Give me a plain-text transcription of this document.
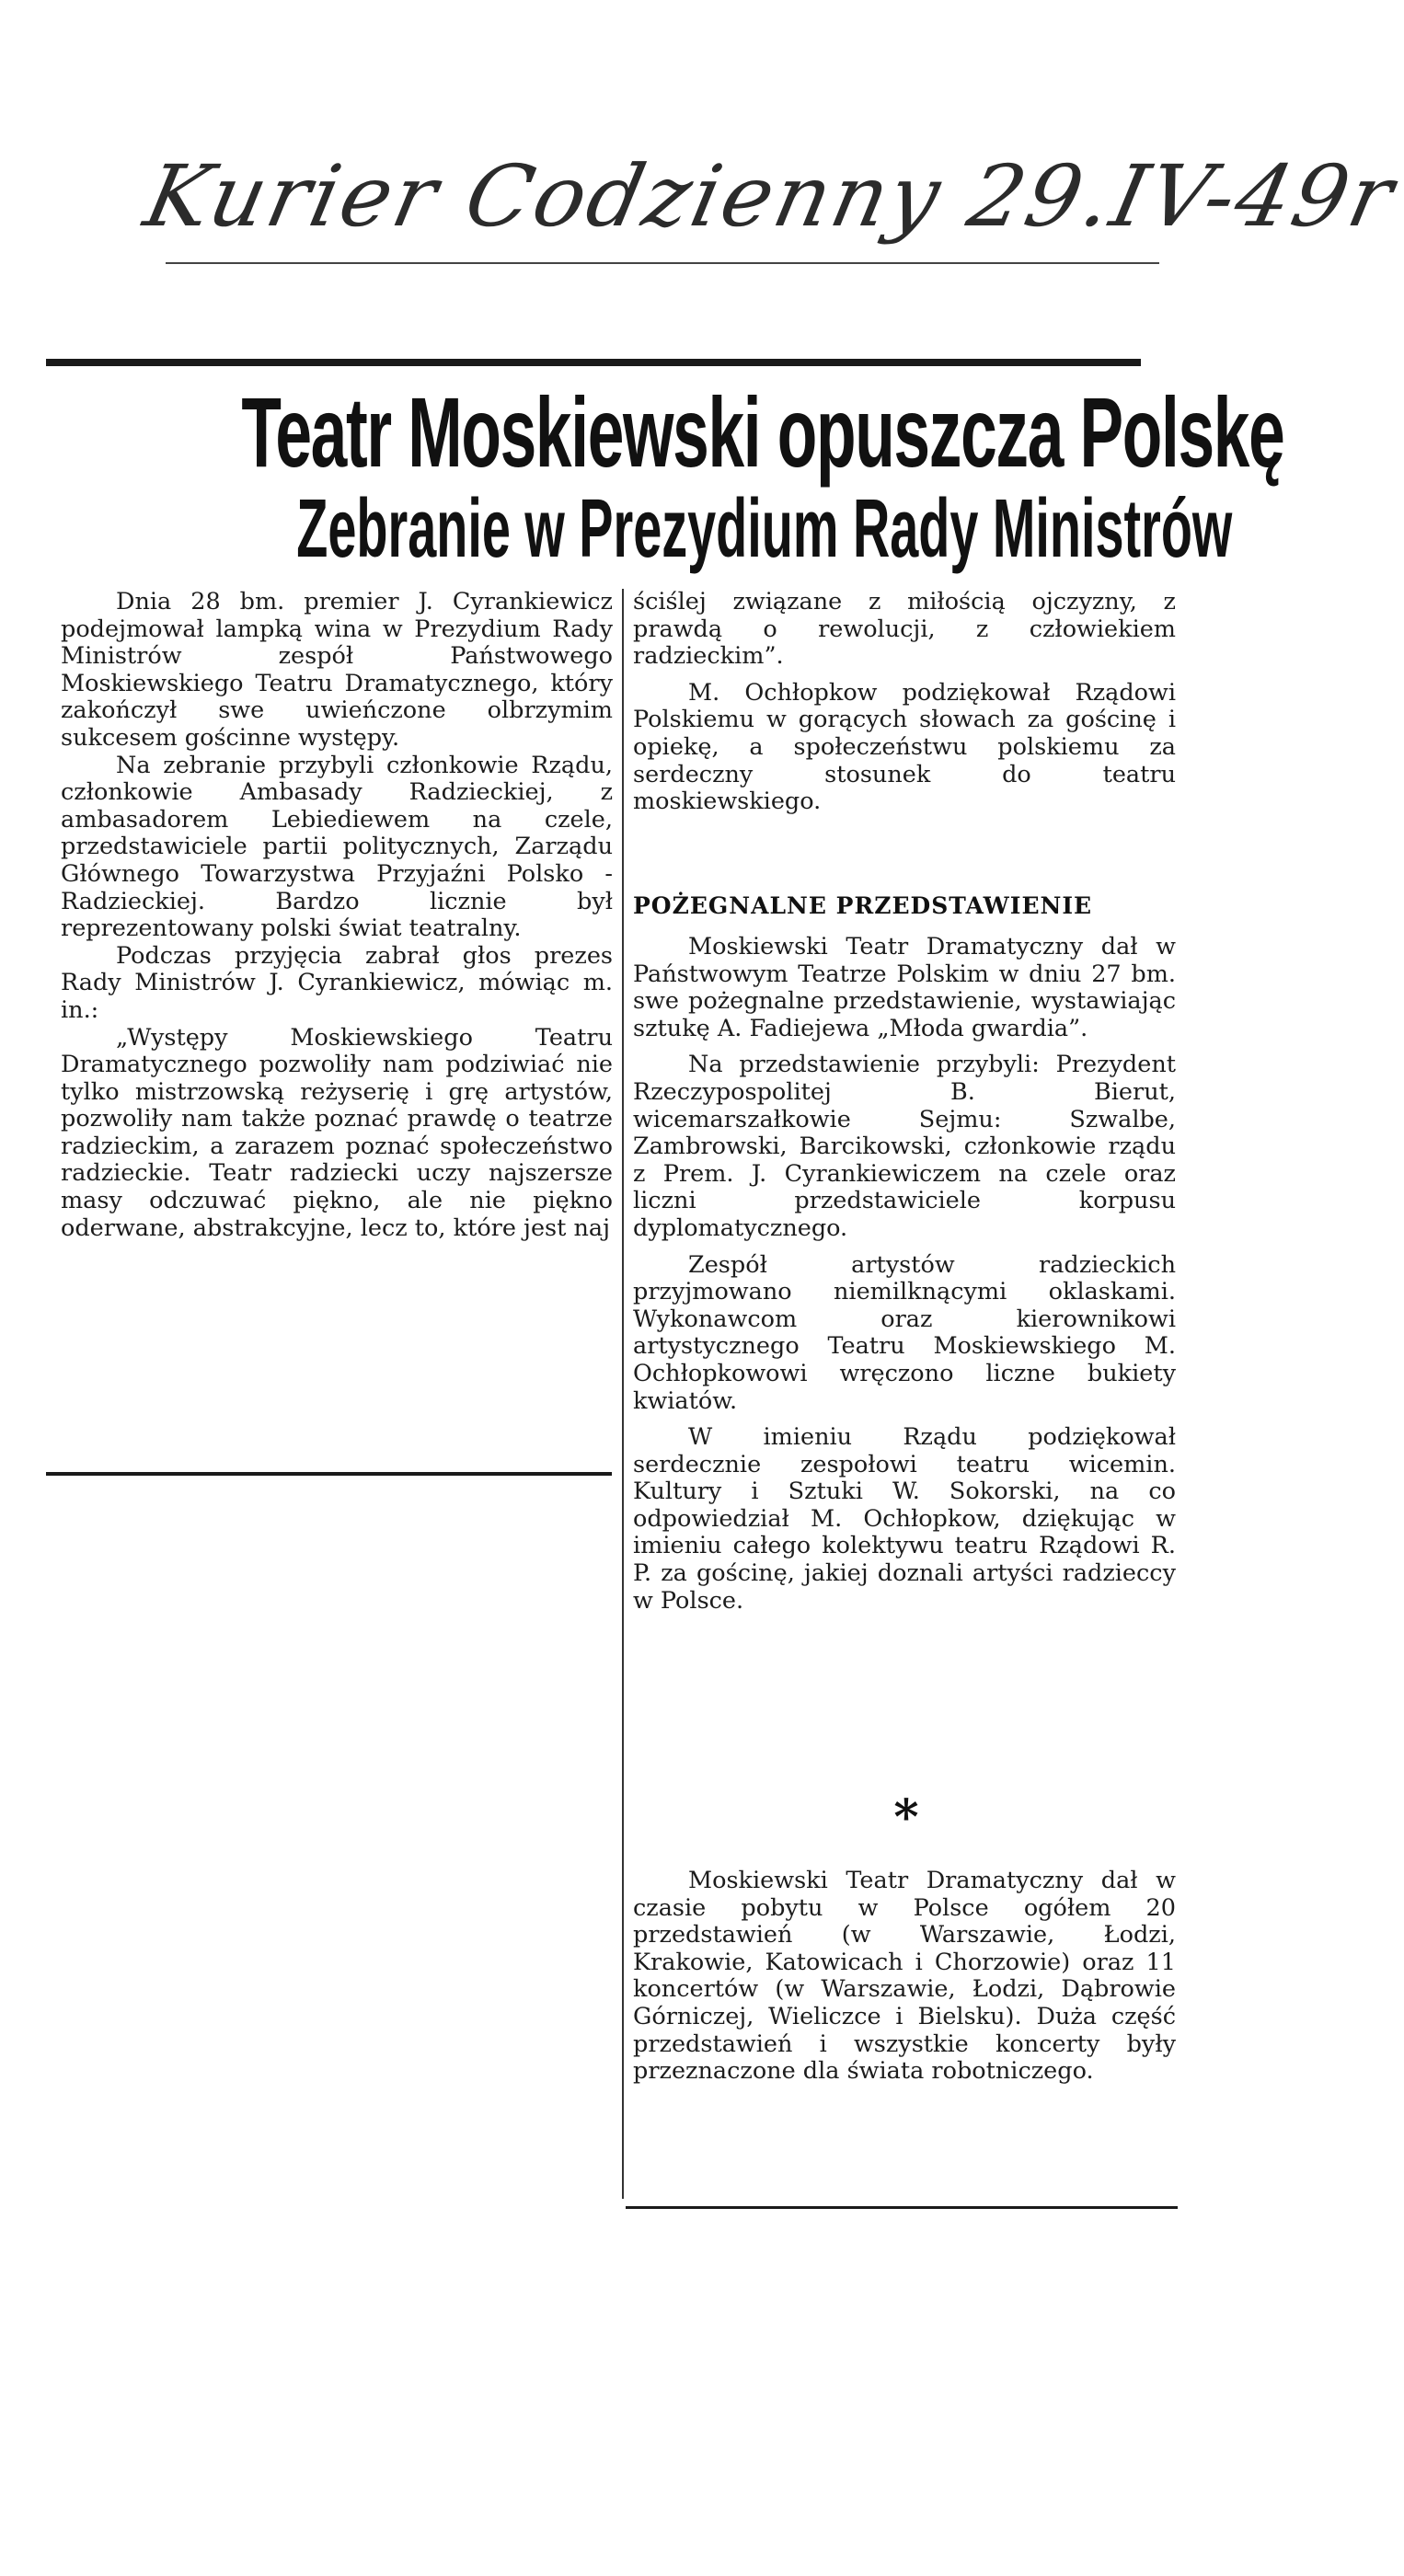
Kurier Codzienny 29.IV-49r
Teatr Moskiewski opuszcza Polskę
Zebranie w Prezydium Rady Ministrów

Dnia 28 bm. premier J. Cyrankiewicz podejmował lampką wina w Prezydium Rady Ministrów zespół Państwowego Moskiewskiego Teatru Dramatycznego, który zakończył swe uwieńczone olbrzymim sukcesem gościnne występy.

Na zebranie przybyli członkowie Rządu, członkowie Ambasady Radzieckiej, z ambasadorem Lebiediewem na czele, przedstawiciele partii politycznych, Zarządu Głównego Towarzystwa Przyjaźni Polsko - Radzieckiej. Bardzo licznie był reprezentowany polski świat teatralny.

Podczas przyjęcia zabrał głos prezes Rady Ministrów J. Cyrankiewicz, mówiąc m. in.:

„Występy Moskiewskiego Teatru Dramatycznego pozwoliły nam podziwiać nie tylko mistrzowską reżyserię i grę artystów, pozwoliły nam także poznać prawdę o teatrze radzieckim, a zarazem poznać społeczeństwo radzieckie. Teatr radziecki uczy najszersze masy odczuwać piękno, ale nie piękno oderwane, abstrakcyjne, lecz to, które jest naj

ściślej związane z miłością ojczyzny, z prawdą o rewolucji, z człowiekiem radzieckim”.

M. Ochłopkow podziękował Rządowi Polskiemu w gorących słowach za gościnę i opiekę, a społeczeństwu polskiemu za serdeczny stosunek do teatru moskiewskiego.

POŻEGNALNE PRZEDSTAWIENIE

Moskiewski Teatr Dramatyczny dał w Państwowym Teatrze Polskim w dniu 27 bm. swe pożegnalne przedstawienie, wystawiając sztukę A. Fadiejewa „Młoda gwardia”.

Na przedstawienie przybyli: Prezydent Rzeczypospolitej B. Bierut, wicemarszałkowie Sejmu: Szwalbe, Zambrowski, Barcikowski, członkowie rządu z Prem. J. Cyrankiewiczem na czele oraz liczni przedstawiciele korpusu dyplomatycznego.

Zespół artystów radzieckich przyjmowano niemilknącymi oklaskami. Wykonawcom oraz kierownikowi artystycznego Teatru Moskiewskiego M. Ochłopkowowi wręczono liczne bukiety kwiatów.

W imieniu Rządu podziękował serdecznie zespołowi teatru wicemin. Kultury i Sztuki W. Sokorski, na co odpowiedział M. Ochłopkow, dziękując w imieniu całego kolektywu teatru Rządowi R. P. za gościnę, jakiej doznali artyści radzieccy w Polsce.

*

Moskiewski Teatr Dramatyczny dał w czasie pobytu w Polsce ogółem 20 przedstawień (w Warszawie, Łodzi, Krakowie, Katowicach i Chorzowie) oraz 11 koncertów (w Warszawie, Łodzi, Dąbrowie Górniczej, Wieliczce i Bielsku). Duża część przedstawień i wszystkie koncerty były przeznaczone dla świata robotniczego.
